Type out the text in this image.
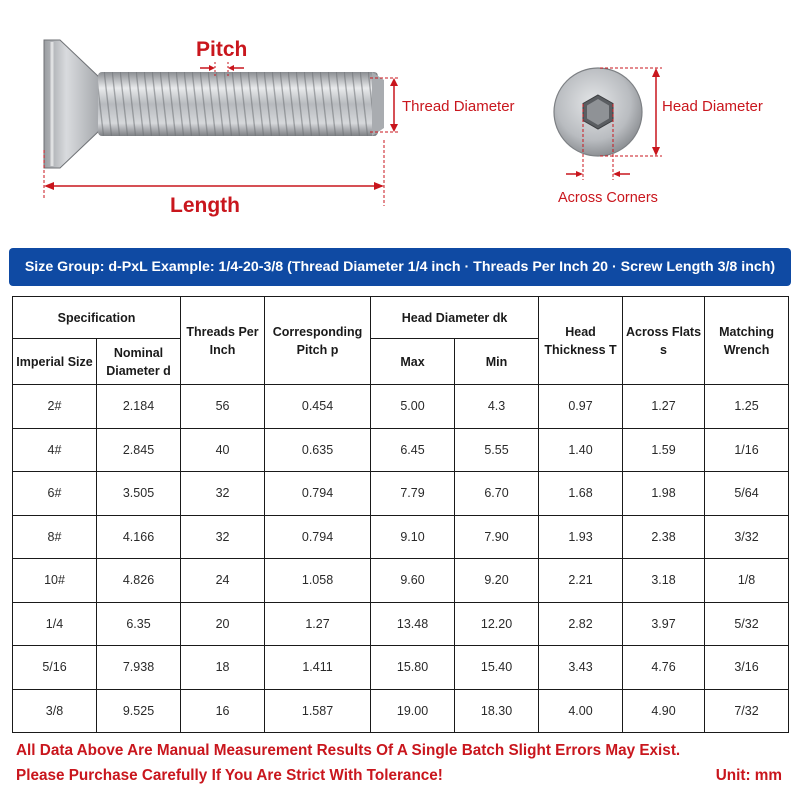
Pitch
Length
Thread Diameter	Head Diameter
Across Corners
Size Group: d-PxL Example: 1/4-20-3/8 (Thread Diameter 1/4 inch · Threads Per Inch 20 · Screw Length 3/8 inch)
Specification		Threads Per Inch	Corresponding Pitch p	Head Diameter dk		Head Thickness T	Across Flats s	Matching Wrench
Imperial Size	Nominal Diameter d			Max	Min			
2#	2.184	56	0.454	5.00	4.3	0.97	1.27	1.25
4#	2.845	40	0.635	6.45	5.55	1.40	1.59	1/16
6#	3.505	32	0.794	7.79	6.70	1.68	1.98	5/64
8#	4.166	32	0.794	9.10	7.90	1.93	2.38	3/32
10#	4.826	24	1.058	9.60	9.20	2.21	3.18	1/8
1/4	6.35	20	1.27	13.48	12.20	2.82	3.97	5/32
5/16	7.938	18	1.411	15.80	15.40	3.43	4.76	3/16
3/8	9.525	16	1.587	19.00	18.30	4.00	4.90	7/32
All Data Above Are Manual Measurement Results Of A Single Batch Slight Errors May Exist.
Please Purchase Carefully If You Are Strict With Tolerance!	Unit: mm
